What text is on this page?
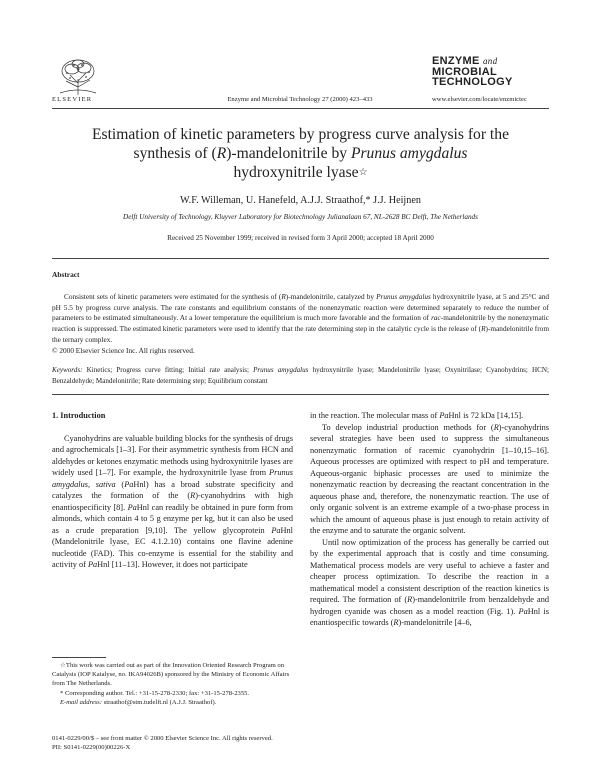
ELSEVIER	Enzyme and Microbial Technology 27 (2000) 423–433	www.elsevier.com/locate/enzmictec
ENZYME and
MICROBIAL
TECHNOLOGY
Estimation of kinetic parameters by progress curve analysis for the
synthesis of (R)-mandelonitrile by Prunus amygdalus
hydroxynitrile lyase☆
W.F. Willeman, U. Hanefeld, A.J.J. Straathof,* J.J. Heijnen
Delft University of Technology, Kluyver Laboratory for Biotechnology Julianalaan 67, NL-2628 BC Delft, The Netherlands
Received 25 November 1999; received in revised form 3 April 2000; accepted 18 April 2000
Abstract
Consistent sets of kinetic parameters were estimated for the synthesis of (R)-mandelonitrile, catalyzed by Prunus amygdalus hydroxynitrile lyase, at 5 and 25°C and pH 5.5 by progress curve analysis. The rate constants and equilibrium constants of the nonenzymatic reaction were determined separately to reduce the number of parameters to be estimated simultaneously. At a lower temperature the equilibrium is much more favorable and the formation of rac-mandelonitrile by the nonenzymatic reaction is suppressed. The estimated kinetic parameters were used to identify that the rate determining step in the catalytic cycle is the release of (R)-mandelonitrile from the ternary complex.
© 2000 Elsevier Science Inc. All rights reserved.
Keywords: Kinetics; Progress curve fitting; Initial rate analysis; Prunus amygdalus hydroxynitrile lyase; Mandelonitrile lyase; Oxynitrilase; Cyanohydrins; HCN; Benzaldehyde; Mandelonitrile; Rate determining step; Equilibrium constant

1. Introduction

Cyanohydrins are valuable building blocks for the synthesis of drugs and agrochemicals [1–3]. For their asymmetric synthesis from HCN and aldehydes or ketones enzymatic methods using hydroxynitrile lyases are widely used [1–7]. For example, the hydroxynitrile lyase from Prunus amygdalus, sativa (PaHnl) has a broad substrate specificity and catalyzes the formation of the (R)-cyanohydrins with high enantiospecificity [8]. PaHnl can readily be obtained in pure form from almonds, which contain 4 to 5 g enzyme per kg, but it can also be used as a crude preparation [9,10]. The yellow glycoprotein PaHnl (Mandelonitrile lyase, EC 4.1.2.10) contains one flavine adenine nucleotide (FAD). This co-enzyme is essential for the stability and activity of PaHnl [11–13]. However, it does not participate

in the reaction. The molecular mass of PaHnl is 72 kDa [14,15].

To develop industrial production methods for (R)-cyanohydrins several strategies have been used to suppress the simultaneous nonenzymatic formation of racemic cyanohydrin [1–10,15–16]. Aqueous processes are optimized with respect to pH and temperature. Aqueous-organic biphasic processes are used to minimize the nonenzymatic reaction by decreasing the reactant concentration in the aqueous phase and, therefore, the nonenzymatic reaction. The use of only organic solvent is an extreme example of a two-phase process in which the amount of aqueous phase is just enough to retain activity of the enzyme and to saturate the organic solvent.

Until now optimization of the process has generally be carried out by the experimental approach that is costly and time consuming. Mathematical process models are very useful to achieve a faster and cheaper process optimization. To describe the reaction in a mathematical model a consistent description of the reaction kinetics is required. The formation of (R)-mandelonitrile from benzaldehyde and hydrogen cyanide was chosen as a model reaction (Fig. 1). PaHnl is enantiospecific towards (R)-mandelonitrile [4–6,

☆This work was carried out as part of the Innovation Oriented Research Program on Catalysis (IOP Katalyse, no. IKA94026B) sponsored by the Ministry of Economic Affairs from The Netherlands.

* Corresponding author. Tel.: +31-15-278-2330; fax: +31-15-278-2355.

E-mail address: straathof@stm.tudelft.nl (A.J.J. Straathof).

0141-0229/00/$ – see front matter © 2000 Elsevier Science Inc. All rights reserved.
PII: S0141-0229(00)00226-X
